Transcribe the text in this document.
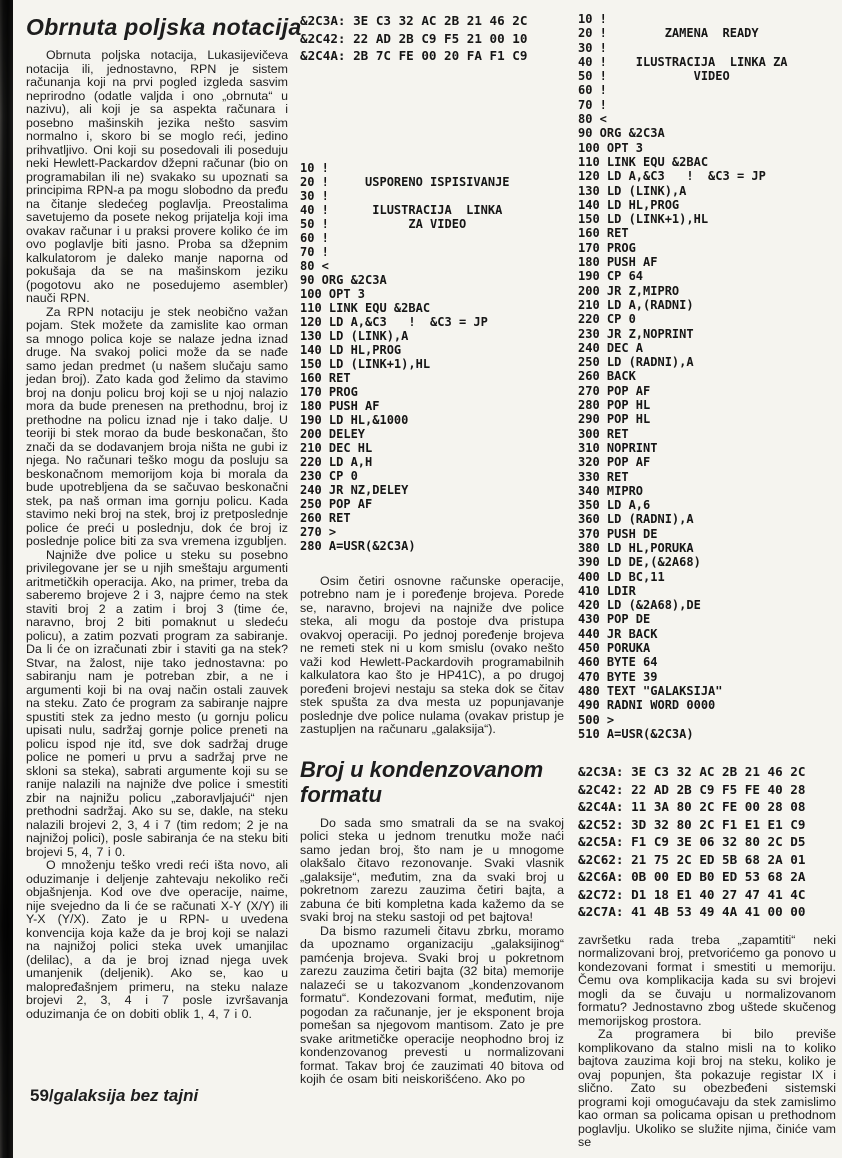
Obrnuta poljska notacija

Obrnuta poljska notacija, Lukasijevičeva notacija ili, jednostavno, RPN je sistem računanja koji na prvi pogled izgleda sasvim neprirodno (odatle valjda i ono „obrnuta“ u nazivu), ali koji je sa aspekta računara i posebno mašinskih jezika nešto sasvim normalno i, skoro bi se moglo reći, jedino prihvatljivo. Oni koji su posedovali ili poseduju neki Hewlett-Packardov džepni računar (bio on programabilan ili ne) svakako su upoznati sa principima RPN-a pa mogu slobodno da pređu na čitanje sledećeg poglavlja. Preostalima savetujemo da posete nekog prijatelja koji ima ovakav računar i u praksi provere koliko će im ovo poglavlje biti jasno. Proba sa džepnim kalkulatorom je daleko manje naporna od pokušaja da se na mašinskom jeziku (pogotovu ako ne posedujemo asembler) nauči RPN.

Za RPN notaciju je stek neobično važan pojam. Stek možete da zamislite kao orman sa mnogo polica koje se nalaze jedna iznad druge. Na svakoj polici može da se nađe samo jedan predmet (u našem slučaju samo jedan broj). Zato kada god želimo da stavimo broj na donju policu broj koji se u njoj nalazio mora da bude prenesen na prethodnu, broj iz prethodne na policu iznad nje i tako dalje. U teoriji bi stek morao da bude beskonačan, što znači da se dodavanjem broja ništa ne gubi iz njega. No računari teško mogu da posluju sa beskonačnom memorijom koja bi morala da bude upotrebljena da se sačuvao beskonačni stek, pa naš orman ima gornju policu. Kada stavimo neki broj na stek, broj iz pretposlednje police će preći u poslednju, dok će broj iz poslednje police biti za sva vremena izgubljen.

Najniže dve police u steku su posebno privilegovane jer se u njih smeštaju argumenti aritmetičkih operacija. Ako, na primer, treba da saberemo brojeve 2 i 3, najpre ćemo na stek staviti broj 2 a zatim i broj 3 (time će, naravno, broj 2 biti pomaknut u sledeću policu), a zatim pozvati program za sabiranje. Da li će on izračunati zbir i staviti ga na stek? Stvar, na žalost, nije tako jednostavna: po sabiranju nam je potreban zbir, a ne i argumenti koji bi na ovaj način ostali zauvek na steku. Zato će program za sabiranje najpre spustiti stek za jedno mesto (u gornju policu upisati nulu, sadržaj gornje police preneti na policu ispod nje itd, sve dok sadržaj druge police ne pomeri u prvu a sadržaj prve ne skloni sa steka), sabrati argumente koji su se ranije nalazili na najniže dve police i smestiti zbir na najnižu policu „zaboravljajući“ njen prethodni sadržaj. Ako su se, dakle, na steku nalazili brojevi 2, 3, 4 i 7 (tim redom; 2 je na najnižoj polici), posle sabiranja će na steku biti brojevi 5, 4, 7 i 0.

O množenju teško vredi reći išta novo, ali oduzimanje i deljenje zahtevaju nekoliko reči objašnjenja. Kod ove dve operacije, naime, nije svejedno da li će se računati X-Y (X/Y) ili Y-X (Y/X). Zato je u RPN- u uvedena konvencija koja kaže da je broj koji se nalazi na najnižoj polici steka uvek umanjilac (delilac), a da je broj iznad njega uvek umanjenik (deljenik). Ako se, kao u malopređašnjem primeru, na steku nalaze brojevi 2, 3, 4 i 7 posle izvršavanja oduzimanja će on dobiti oblik 1, 4, 7 i 0.

&2C3A: 3E C3 32 AC 2B 21 46 2C
&2C42: 22 AD 2B C9 F5 21 00 10
&2C4A: 2B 7C FE 00 20 FA F1 C9
10 !
20 !     USPORENO ISPISIVANJE
30 !
40 !      ILUSTRACIJA  LINKA
50 !           ZA VIDEO
60 !
70 !
80 <
90 ORG &2C3A
100 OPT 3
110 LINK EQU &2BAC
120 LD A,&C3   !  &C3 = JP
130 LD (LINK),A
140 LD HL,PROG
150 LD (LINK+1),HL
160 RET
170 PROG
180 PUSH AF
190 LD HL,&1000
200 DELEY
210 DEC HL
220 LD A,H
230 CP 0
240 JR NZ,DELEY
250 POP AF
260 RET
270 >
280 A=USR(&2C3A)

Osim četiri osnovne računske operacije, potrebno nam je i poređenje brojeva. Porede se, naravno, brojevi na najniže dve police steka, ali mogu da postoje dva pristupa ovakvoj operaciji. Po jednoj poređenje brojeva ne remeti stek ni u kom smislu (ovako nešto važi kod Hewlett-Packardovih programabilnih kalkulatora kao što je HP41C), a po drugoj poređeni brojevi nestaju sa steka dok se čitav stek spušta za dva mesta uz popunjavanje poslednje dve police nulama (ovakav pristup je zastupljen na računaru „galaksija“).

Broj u kondenzovanom formatu

Do sada smo smatrali da se na svakoj polici steka u jednom trenutku može naći samo jedan broj, što nam je u mnogome olakšalo čitavo rezonovanje. Svaki vlasnik „galaksije“, međutim, zna da svaki broj u pokretnom zarezu zauzima četiri bajta, a zabuna će biti kompletna kada kažemo da se svaki broj na steku sastoji od pet bajtova!

Da bismo razumeli čitavu zbrku, moramo da upoznamo organizaciju „galaksijinog“ pamćenja brojeva. Svaki broj u pokretnom zarezu zauzima četiri bajta (32 bita) memorije nalazeći se u takozvanom „kondenzovanom formatu“. Kondezovani format, međutim, nije pogodan za računanje, jer je eksponent broja pomešan sa njegovom mantisom. Zato je pre svake aritmetičke operacije neophodno broj iz kondenzovanog prevesti u normalizovani format. Takav broj će zauzimati 40 bitova od kojih će osam biti neiskorišćeno. Ako po

10 !
20 !        ZAMENA  READY
30 !
40 !    ILUSTRACIJA  LINKA ZA
50 !            VIDEO
60 !
70 !
80 <
90 ORG &2C3A
100 OPT 3
110 LINK EQU &2BAC
120 LD A,&C3   !  &C3 = JP
130 LD (LINK),A
140 LD HL,PROG
150 LD (LINK+1),HL
160 RET
170 PROG
180 PUSH AF
190 CP 64
200 JR Z,MIPRO
210 LD A,(RADNI)
220 CP 0
230 JR Z,NOPRINT
240 DEC A
250 LD (RADNI),A
260 BACK
270 POP AF
280 POP HL
290 POP HL
300 RET
310 NOPRINT
320 POP AF
330 RET
340 MIPRO
350 LD A,6
360 LD (RADNI),A
370 PUSH DE
380 LD HL,PORUKA
390 LD DE,(&2A68)
400 LD BC,11
410 LDIR
420 LD (&2A68),DE
430 POP DE
440 JR BACK
450 PORUKA
460 BYTE 64
470 BYTE 39
480 TEXT "GALAKSIJA"
490 RADNI WORD 0000
500 >
510 A=USR(&2C3A)
&2C3A: 3E C3 32 AC 2B 21 46 2C
&2C42: 22 AD 2B C9 F5 FE 40 28
&2C4A: 11 3A 80 2C FE 00 28 08
&2C52: 3D 32 80 2C F1 E1 E1 C9
&2C5A: F1 C9 3E 06 32 80 2C D5
&2C62: 21 75 2C ED 5B 68 2A 01
&2C6A: 0B 00 ED B0 ED 53 68 2A
&2C72: D1 18 E1 40 27 47 41 4C
&2C7A: 41 4B 53 49 4A 41 00 00

završetku rada treba „zapamtiti“ neki normalizovani broj, pretvorićemo ga ponovo u kondezovani format i smestiti u memoriju. Čemu ova komplikacija kada su svi brojevi mogli da se čuvaju u normalizovanom formatu? Jednostavno zbog uštede skučenog memorijskog prostora.

Za programera bi bilo previše komplikovano da stalno misli na to koliko bajtova zauzima koji broj na steku, koliko je ovaj popunjen, šta pokazuje registar IX i slično. Zato su obezbeđeni sistemski programi koji omogućavaju da stek zamislimo kao orman sa policama opisan u prethodnom poglavlju. Ukoliko se služite njima, činiće vam se

59/galaksija bez tajni
